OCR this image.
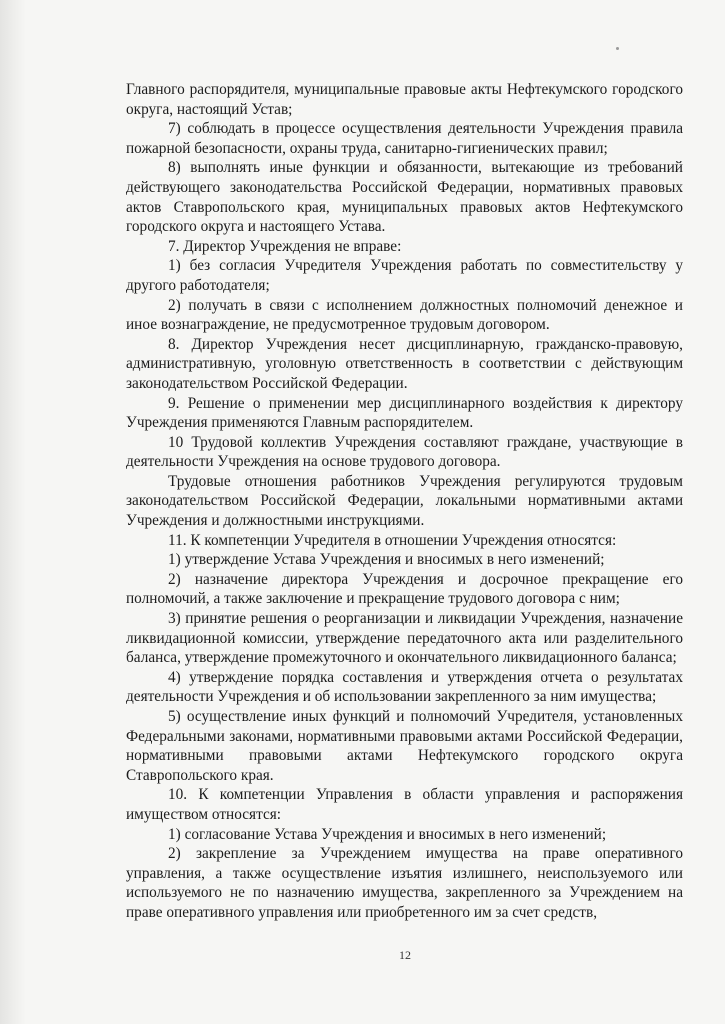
Главного распорядителя, муниципальные правовые акты Нефтекумского городского округа, настоящий Устав;

7) соблюдать в процессе осуществления деятельности Учреждения правила пожарной безопасности, охраны труда, санитарно-гигиенических правил;

8) выполнять иные функции и обязанности, вытекающие из требований действующего законодательства Российской Федерации, нормативных правовых актов Ставропольского края, муниципальных правовых актов Нефтекумского городского округа и настоящего Устава.

7. Директор Учреждения не вправе:

1) без согласия Учредителя Учреждения работать по совместительству у другого работодателя;

2) получать в связи с исполнением должностных полномочий денежное и иное вознаграждение, не предусмотренное трудовым договором.

8. Директор Учреждения несет дисциплинарную, гражданско-правовую, административную, уголовную ответственность в соответствии с действующим законодательством Российской Федерации.

9. Решение о применении мер дисциплинарного воздействия к директору Учреждения применяются Главным распорядителем.

10 Трудовой коллектив Учреждения составляют граждане, участвующие в деятельности Учреждения на основе трудового договора.

Трудовые отношения работников Учреждения регулируются трудовым законодательством Российской Федерации, локальными нормативными актами Учреждения и должностными инструкциями.

11. К компетенции Учредителя в отношении Учреждения относятся:

1) утверждение Устава Учреждения и вносимых в него изменений;

2) назначение директора Учреждения и досрочное прекращение его полномочий, а также заключение и прекращение трудового договора с ним;

3) принятие решения о реорганизации и ликвидации Учреждения, назначение ликвидационной комиссии, утверждение передаточного акта или разделительного баланса, утверждение промежуточного и окончательного ликвидационного баланса;

4) утверждение порядка составления и утверждения отчета о результатах деятельности Учреждения и об использовании закрепленного за ним имущества;

5) осуществление иных функций и полномочий Учредителя, установленных Федеральными законами, нормативными правовыми актами Российской Федерации, нормативными правовыми актами Нефтекумского городского округа Ставропольского края.

10. К компетенции Управления в области управления и распоряжения имуществом относятся:

1) согласование Устава Учреждения и вносимых в него изменений;

2) закрепление за Учреждением имущества на праве оперативного управления, а также осуществление изъятия излишнего, неиспользуемого или используемого не по назначению имущества, закрепленного за Учреждением на праве оперативного управления или приобретенного им за счет средств,

12
